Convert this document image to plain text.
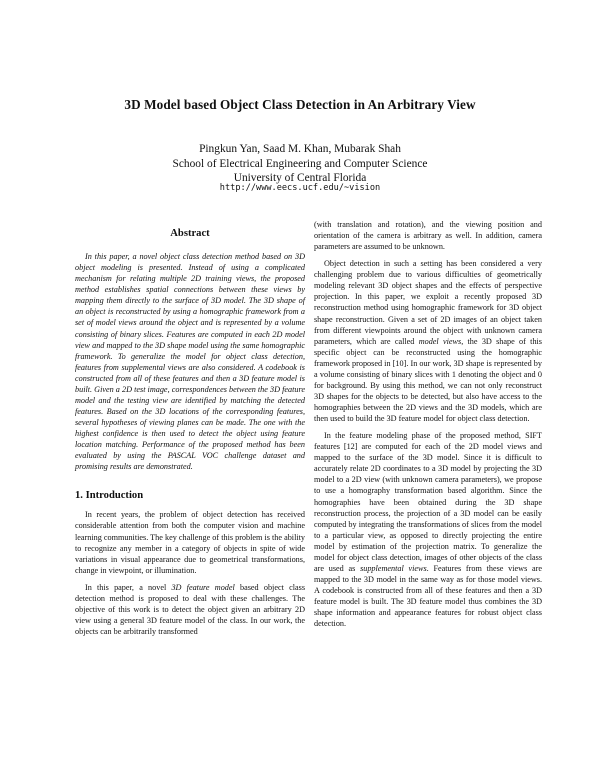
3D Model based Object Class Detection in An Arbitrary View
Pingkun Yan, Saad M. Khan, Mubarak Shah
School of Electrical Engineering and Computer Science
University of Central Florida
http://www.eecs.ucf.edu/~vision
Abstract

In this paper, a novel object class detection method based on 3D object modeling is presented. Instead of using a complicated mechanism for relating multiple 2D training views, the proposed method establishes spatial connections between these views by mapping them directly to the surface of 3D model. The 3D shape of an object is reconstructed by using a homographic framework from a set of model views around the object and is represented by a volume consisting of binary slices. Features are computed in each 2D model view and mapped to the 3D shape model using the same homographic framework. To generalize the model for object class detection, features from supplemental views are also considered. A codebook is constructed from all of these features and then a 3D feature model is built. Given a 2D test image, correspondences between the 3D feature model and the testing view are identified by matching the detected features. Based on the 3D locations of the corresponding features, several hypotheses of viewing planes can be made. The one with the highest confidence is then used to detect the object using feature location matching. Performance of the proposed method has been evaluated by using the PASCAL VOC challenge dataset and promising results are demonstrated.

1. Introduction

In recent years, the problem of object detection has received considerable attention from both the computer vision and machine learning communities. The key challenge of this problem is the ability to recognize any member in a category of objects in spite of wide variations in visual appearance due to geometrical transformations, change in viewpoint, or illumination.

In this paper, a novel 3D feature model based object class detection method is proposed to deal with these challenges. The objective of this work is to detect the object given an arbitrary 2D view using a general 3D feature model of the class. In our work, the objects can be arbitrarily transformed

(with translation and rotation), and the viewing position and orientation of the camera is arbitrary as well. In addition, camera parameters are assumed to be unknown.

Object detection in such a setting has been considered a very challenging problem due to various difficulties of geometrically modeling relevant 3D object shapes and the effects of perspective projection. In this paper, we exploit a recently proposed 3D reconstruction method using homographic framework for 3D object shape reconstruction. Given a set of 2D images of an object taken from different viewpoints around the object with unknown camera parameters, which are called model views, the 3D shape of this specific object can be reconstructed using the homographic framework proposed in [10]. In our work, 3D shape is represented by a volume consisting of binary slices with 1 denoting the object and 0 for background. By using this method, we can not only reconstruct 3D shapes for the objects to be detected, but also have access to the homographies between the 2D views and the 3D models, which are then used to build the 3D feature model for object class detection.

In the feature modeling phase of the proposed method, SIFT features [12] are computed for each of the 2D model views and mapped to the surface of the 3D model. Since it is difficult to accurately relate 2D coordinates to a 3D model by projecting the 3D model to a 2D view (with unknown camera parameters), we propose to use a homography transformation based algorithm. Since the homographies have been obtained during the 3D shape reconstruction process, the projection of a 3D model can be easily computed by integrating the transformations of slices from the model to a particular view, as opposed to directly projecting the entire model by estimation of the projection matrix. To generalize the model for object class detection, images of other objects of the class are used as supplemental views. Features from these views are mapped to the 3D model in the same way as for those model views. A codebook is constructed from all of these features and then a 3D feature model is built. The 3D feature model thus combines the 3D shape information and appearance features for robust object class detection.
